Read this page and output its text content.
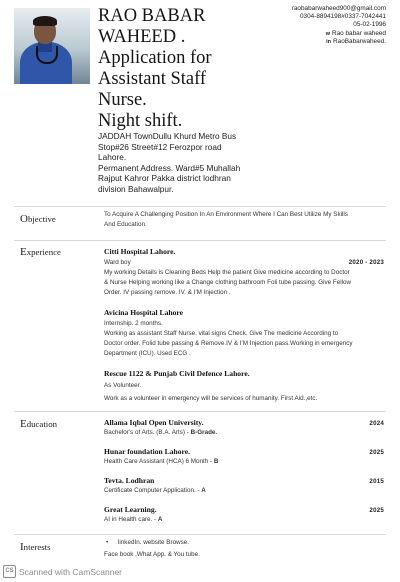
RAO BABAR
WAHEED .
Application for
Assistant Staff
Nurse.
Night shift.
JADDAH TownDullu Khurd Metro Bus
Stop#26 Street#12 Ferozpor road
Lahore.
Permanent Address. Ward#5 Muhallah
Rajput Kahror Pakka district lodhran
division Bahawalpur.
raobabarwaheed900@gmail.com
0304-8894198#0337-7042441
05-02-1996
w Rao babar waheed
in RaoBabarwaheed.
Objective	To Acquire A Challenging Position In An Environment Where I Can Best Utilize My Skills
And Education.
Experience	Citti Hospital Lahore.
Ward boy	2020 - 2023
My working Details is Cleaning Beds Help the patient Give medicine according to Doctor
& Nurse Helping working like a Change clothing bathroom Foli tube passing. Give Fellow
Order. IV passing remove. IV. & I'M Injection .
Avicina Hospital Lahore
Internship. 2 months.
Working as assistant Staff Nurse. vital signs Check. Give The medicine According to
Doctor order. Folid tube passing & Remove.IV & I'M Injection pass.Working in emergency
Department (ICU). Used ECG .
Rescue 1122 & Punjab Civil Defence Lahore.
As Volunteer.
Work as a volunteer in emergency will be services of humanity. First Aid.,etc.
Education	Allama Iqbal Open University.	2024
Bachelor's of Arts. (B.A. Arts) - B-Grade.
Hunar foundation Lahore.	2025
Health Care Assistant (HCA) 6 Month - B
Tevta. Lodhran	2015
Certificate Computer Application. - A
Great Learning.	2025
AI in Health care. - A
Interests	•	linkedIn. website Browse.
Face book ,What App. & You tube.
CS Scanned with CamScanner
